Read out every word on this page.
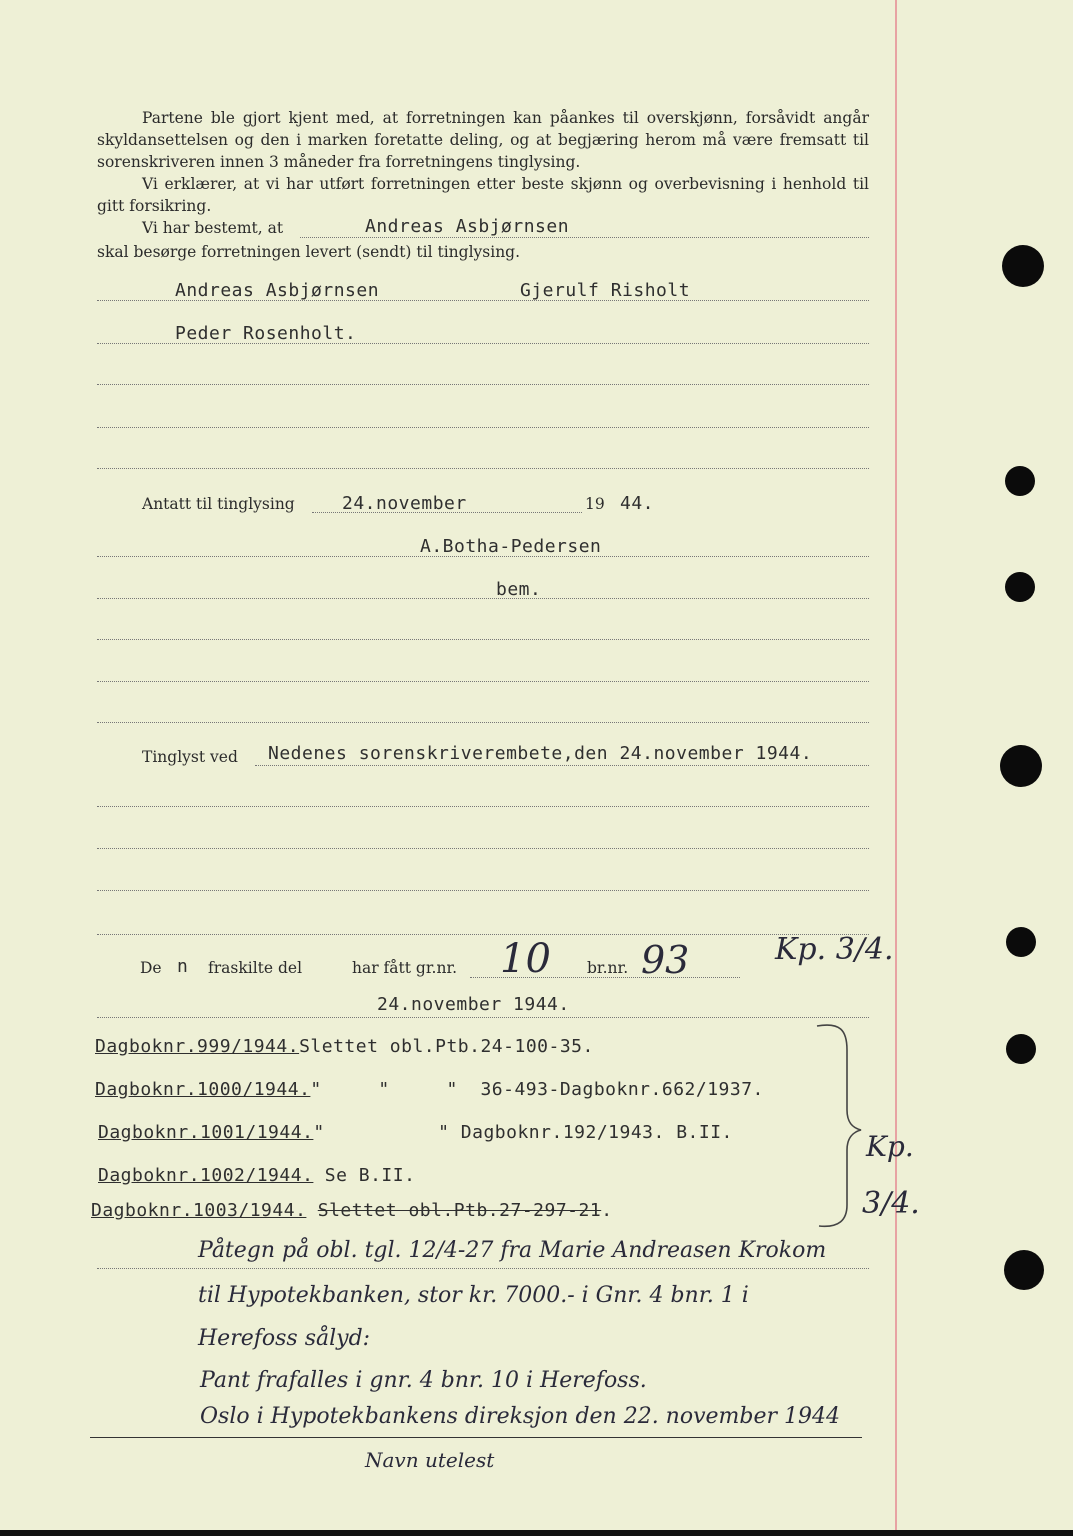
Partene ble gjort kjent med, at forretningen kan påankes til overskjønn, forsåvidt angår skyldansettelsen og den i marken foretatte deling, og at begjæring herom må være fremsatt til sorenskriveren innen 3 måneder fra forretningens tinglysing.

Vi erklærer, at vi har utført forretningen etter beste skjønn og overbevisning i henhold til gitt forsikring.

Vi har bestemt, at	Andreas Asbjørnsen
skal besørge forretningen levert (sendt) til tinglysing.
Andreas Asbjørnsen	Gjerulf Risholt
Peder Rosenholt.
Antatt til tinglysing	24.november	19 44.
A.Botha-Pedersen
bem.
Tinglyst ved Nedenes sorenskriverembete,den 24.november 1944.
De n fraskilte del	har fått gr.nr. 10 br.nr. 93	Kp. 3/4.
24.november 1944.
Dagboknr.999/1944.Slettet obl.Ptb.24-100-35.
Dagboknr.1000/1944."     "     "  36-493-Dagboknr.662/1937.
Dagboknr.1001/1944."          " Dagboknr.192/1943. B.II.
Dagboknr.1002/1944. Se B.II.
Dagboknr.1003/1944. Slettet obl.Ptb.27-297-21.
Kp.
3/4.
Påtegn på obl. tgl. 12/4-27 fra Marie Andreasen Krokom
til Hypotekbanken, stor kr. 7000.- i Gnr. 4 bnr. 1 i
Herefoss sålyd:
Pant frafalles i gnr. 4 bnr. 10 i Herefoss.
Oslo i Hypotekbankens direksjon den 22. november 1944
Navn utelest
